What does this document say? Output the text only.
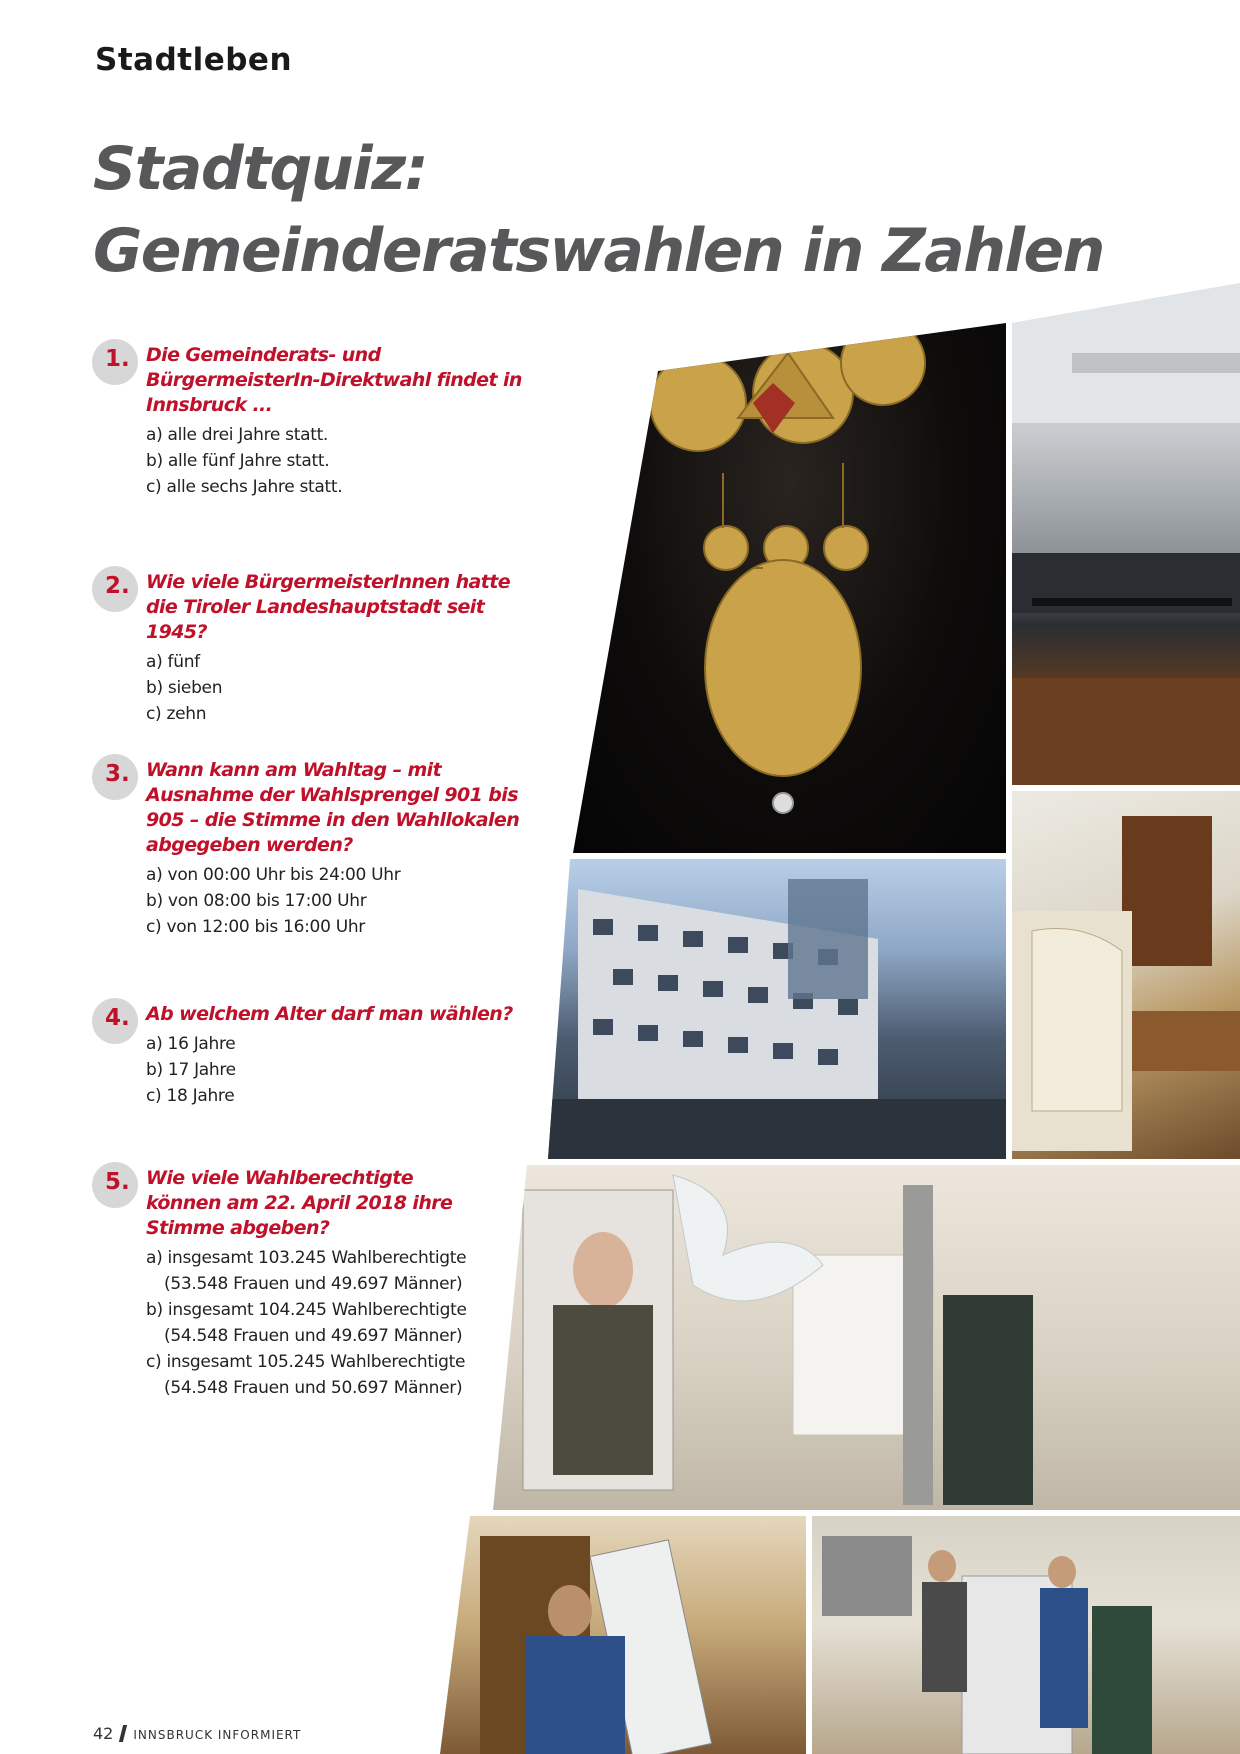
Stadtleben
Stadtquiz:
Gemeinderatswahlen in Zahlen
1. Die Gemeinderats- und BürgermeisterIn-Direktwahl findet in Innsbruck ...
a) alle drei Jahre statt.
b) alle fünf Jahre statt.
c) alle sechs Jahre statt.
2. Wie viele BürgermeisterInnen hatte die Tiroler Landeshauptstadt seit 1945?
a) fünf
b) sieben
c) zehn
3. Wann kann am Wahltag – mit Ausnahme der Wahlsprengel 901 bis 905 – die Stimme in den Wahllokalen abgegeben werden?
a) von 00:00 Uhr bis 24:00 Uhr
b) von 08:00 bis 17:00 Uhr
c) von 12:00 bis 16:00 Uhr
4. Ab welchem Alter darf man wählen?
a) 16 Jahre
b) 17 Jahre
c) 18 Jahre
5. Wie viele Wahlberechtigte können am 22. April 2018 ihre Stimme abgeben?
a) insgesamt 103.245 Wahlberechtigte (53.548 Frauen und 49.697 Männer)
b) insgesamt 104.245 Wahlberechtigte (54.548 Frauen und 49.697 Männer)
c) insgesamt 105.245 Wahlberechtigte (54.548 Frauen und 50.697 Männer)
42 INNSBRUCK INFORMIERT
